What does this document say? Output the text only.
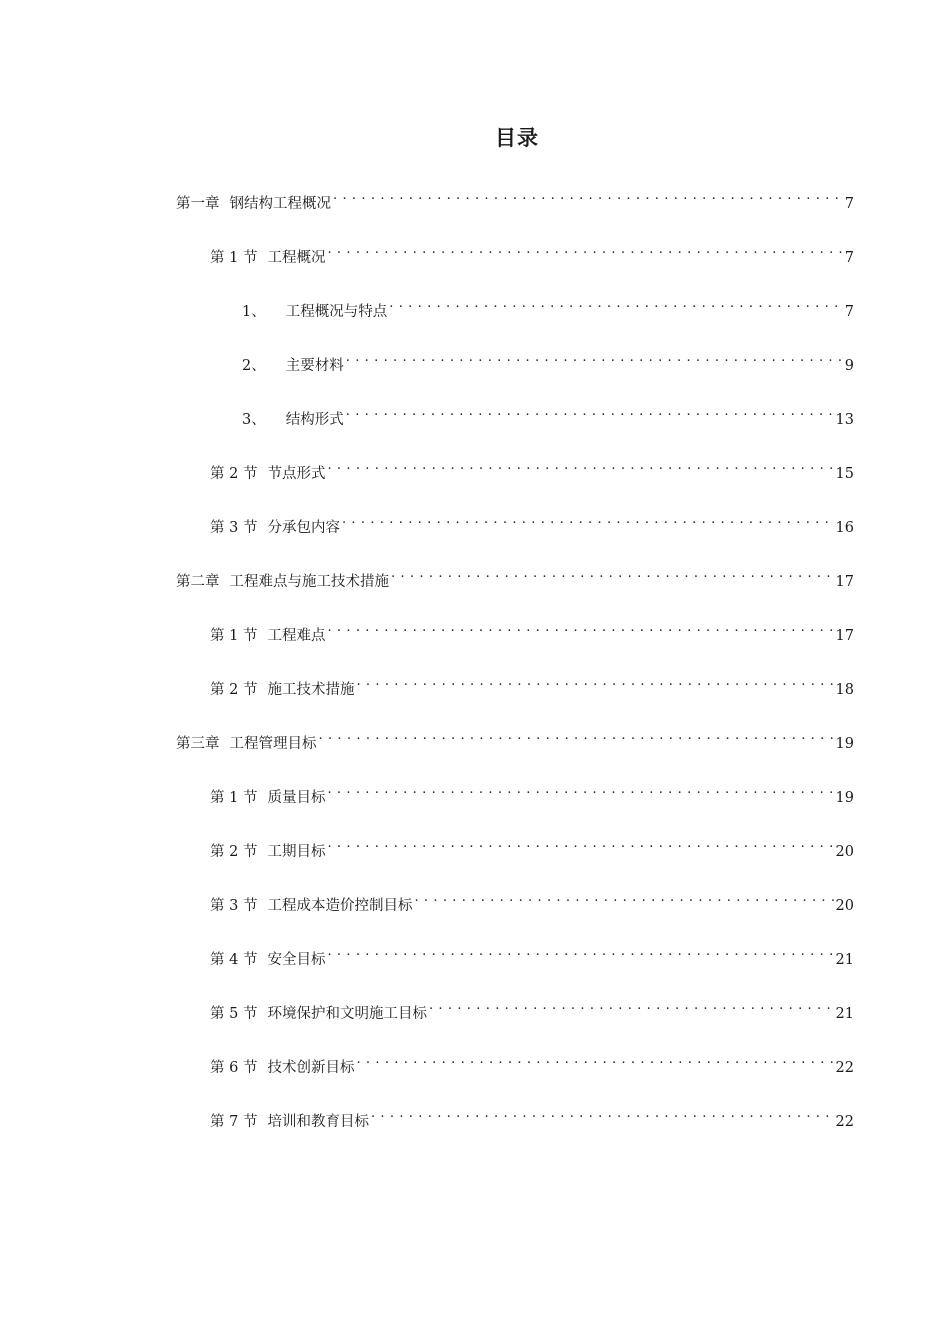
目录
第一章 钢结构工程概况 . . .	7
第 1 节 工程概况 . . .	7
1、 工程概况与特点 . . .	7
2、 主要材料 . . .	9
3、 结构形式 . . .	13
第 2 节 节点形式 . . .	15
第 3 节 分承包内容 . . .	16
第二章 工程难点与施工技术措施 . . .	17
第 1 节 工程难点 . . .	17
第 2 节 施工技术措施 . . .	18
第三章 工程管理目标 . . .	19
第 1 节 质量目标 . . .	19
第 2 节 工期目标 . . .	20
第 3 节 工程成本造价控制目标 . . .	20
第 4 节 安全目标 . . .	21
第 5 节 环境保护和文明施工目标 . . .	21
第 6 节 技术创新目标 . . .	22
第 7 节 培训和教育目标 . . .	22
